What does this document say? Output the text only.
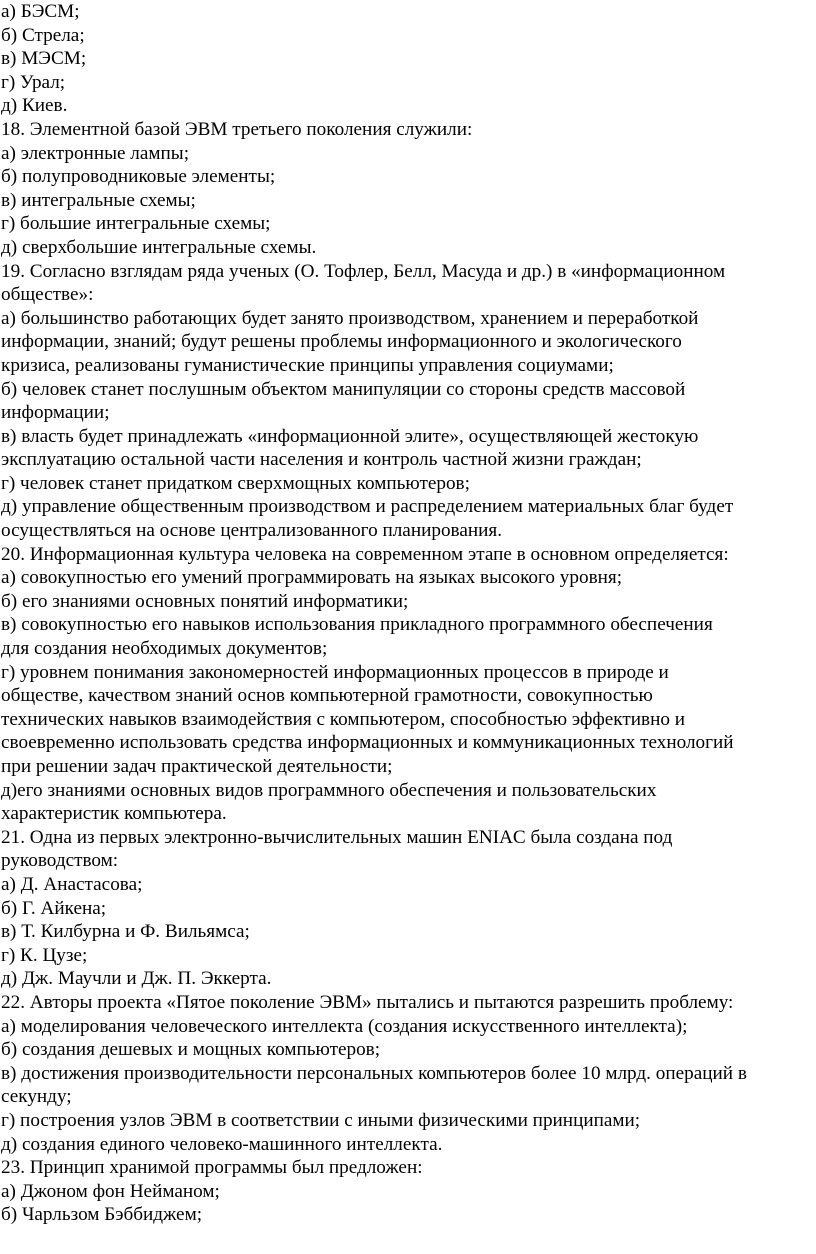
а) БЭСМ;
б) Стрела;
в) МЭСМ;
г) Урал;
д) Киев.
18. Элементной базой ЭВМ третьего поколения служили:
а) электронные лампы;
б) полупроводниковые элементы;
в) интегральные схемы;
г) большие интегральные схемы;
д) сверхбольшие интегральные схемы.
19. Согласно взглядам ряда ученых (О. Тофлер, Белл, Масуда и др.) в «информационном
обществе»:
а) большинство работающих будет занято производством, хранением и переработкой
информации, знаний; будут решены проблемы информационного и экологического
кризиса, реализованы гуманистические принципы управления социумами;
б) человек станет послушным объектом манипуляции со стороны средств массовой
информации;
в) власть будет принадлежать «информационной элите», осуществляющей жестокую
эксплуатацию остальной части населения и контроль частной жизни граждан;
г) человек станет придатком сверхмощных компьютеров;
д) управление общественным производством и распределением материальных благ будет
осуществляться на основе централизованного планирования.
20. Информационная культура человека на современном этапе в основном определяется:
а) совокупностью его умений программировать на языках высокого уровня;
б) его знаниями основных понятий информатики;
в) совокупностью его навыков использования прикладного программного обеспечения
для создания необходимых документов;
г) уровнем понимания закономерностей информационных процессов в природе и
обществе, качеством знаний основ компьютерной грамотности, совокупностью
технических навыков взаимодействия с компьютером, способностью эффективно и
своевременно использовать средства информационных и коммуникационных технологий
при решении задач практической деятельности;
д)его знаниями основных видов программного обеспечения и пользовательских
характеристик компьютера.
21. Одна из первых электронно-вычислительных машин ENIAC была создана под
руководством:
а) Д. Анастасова;
б) Г. Айкена;
в) Т. Килбурна и Ф. Вильямса;
г) К. Цузе;
д) Дж. Маучли и Дж. П. Эккерта.
22. Авторы проекта «Пятое поколение ЭВМ» пытались и пытаются разрешить проблему:
а) моделирования человеческого интеллекта (создания искусственного интеллекта);
б) создания дешевых и мощных компьютеров;
в) достижения производительности персональных компьютеров более 10 млрд. операций в
секунду;
г) построения узлов ЭВМ в соответствии с иными физическими принципами;
д) создания единого человеко-машинного интеллекта.
23. Принцип хранимой программы был предложен:
а) Джоном фон Нейманом;
б) Чарльзом Бэббиджем;
